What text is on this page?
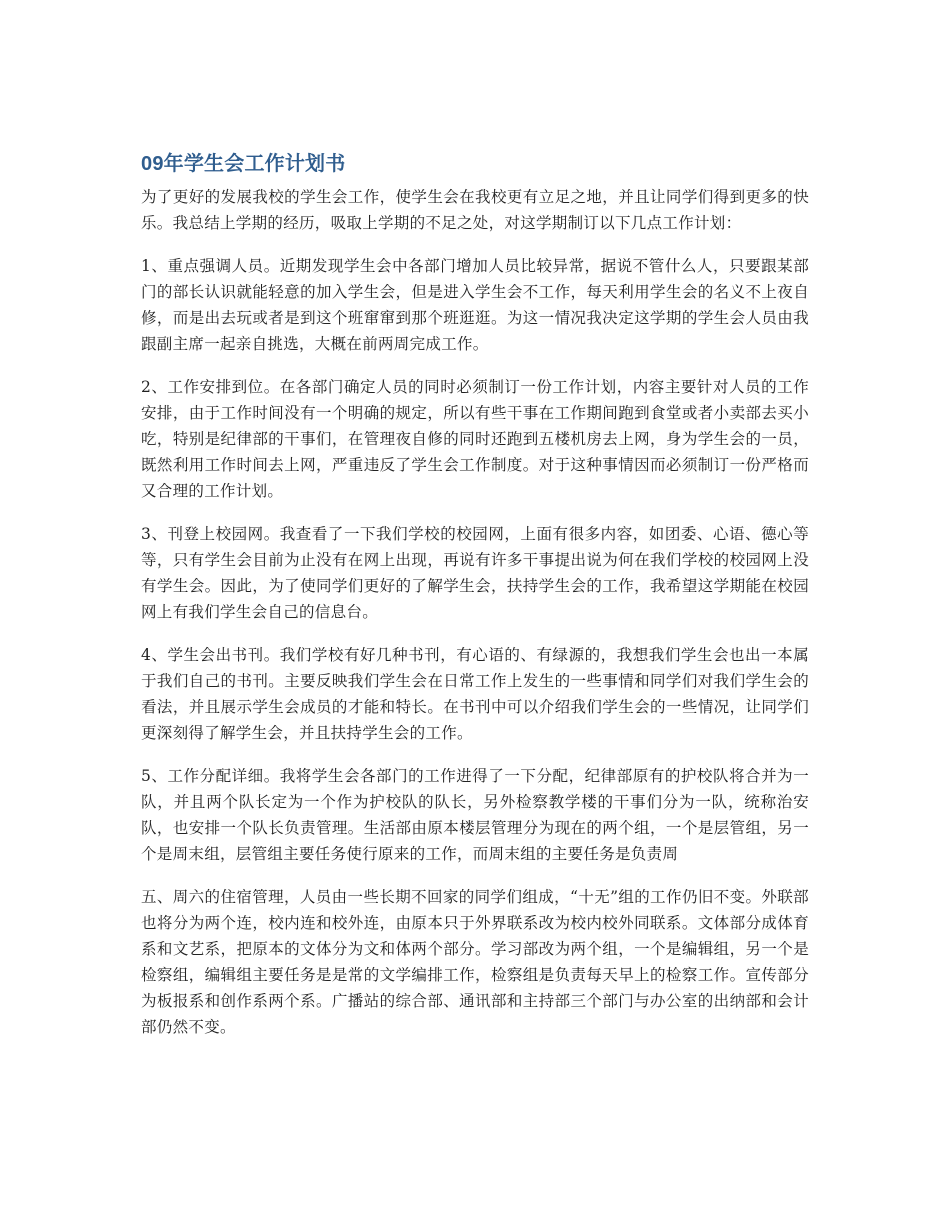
09年学生会工作计划书

为了更好的发展我校的学生会工作，使学生会在我校更有立足之地，并且让同学们得到更多的快乐。我总结上学期的经历，吸取上学期的不足之处，对这学期制订以下几点工作计划：

1、重点强调人员。近期发现学生会中各部门增加人员比较异常，据说不管什么人，只要跟某部门的部长认识就能轻意的加入学生会，但是进入学生会不工作，每天利用学生会的名义不上夜自修，而是出去玩或者是到这个班窜窜到那个班逛逛。为这一情况我决定这学期的学生会人员由我跟副主席一起亲自挑选，大概在前两周完成工作。

2、工作安排到位。在各部门确定人员的同时必须制订一份工作计划，内容主要针对人员的工作安排，由于工作时间没有一个明确的规定，所以有些干事在工作期间跑到食堂或者小卖部去买小吃，特别是纪律部的干事们，在管理夜自修的同时还跑到五楼机房去上网，身为学生会的一员，既然利用工作时间去上网，严重违反了学生会工作制度。对于这种事情因而必须制订一份严格而又合理的工作计划。

3、刊登上校园网。我查看了一下我们学校的校园网，上面有很多内容，如团委、心语、德心等等，只有学生会目前为止没有在网上出现，再说有许多干事提出说为何在我们学校的校园网上没有学生会。因此，为了使同学们更好的了解学生会，扶持学生会的工作，我希望这学期能在校园网上有我们学生会自己的信息台。

4、学生会出书刊。我们学校有好几种书刊，有心语的、有绿源的，我想我们学生会也出一本属于我们自己的书刊。主要反映我们学生会在日常工作上发生的一些事情和同学们对我们学生会的看法，并且展示学生会成员的才能和特长。在书刊中可以介绍我们学生会的一些情况，让同学们更深刻得了解学生会，并且扶持学生会的工作。

5、工作分配详细。我将学生会各部门的工作进得了一下分配，纪律部原有的护校队将合并为一队，并且两个队长定为一个作为护校队的队长，另外检察教学楼的干事们分为一队，统称治安队，也安排一个队长负责管理。生活部由原本楼层管理分为现在的两个组，一个是层管组，另一个是周末组，层管组主要任务使行原来的工作，而周末组的主要任务是负责周

五、周六的住宿管理，人员由一些长期不回家的同学们组成，“十无”组的工作仍旧不变。外联部也将分为两个连，校内连和校外连，由原本只于外界联系改为校内校外同联系。文体部分成体育系和文艺系，把原本的文体分为文和体两个部分。学习部改为两个组，一个是编辑组，另一个是检察组，编辑组主要任务是是常的文学编排工作，检察组是负责每天早上的检察工作。宣传部分为板报系和创作系两个系。广播站的综合部、通讯部和主持部三个部门与办公室的出纳部和会计部仍然不变。
